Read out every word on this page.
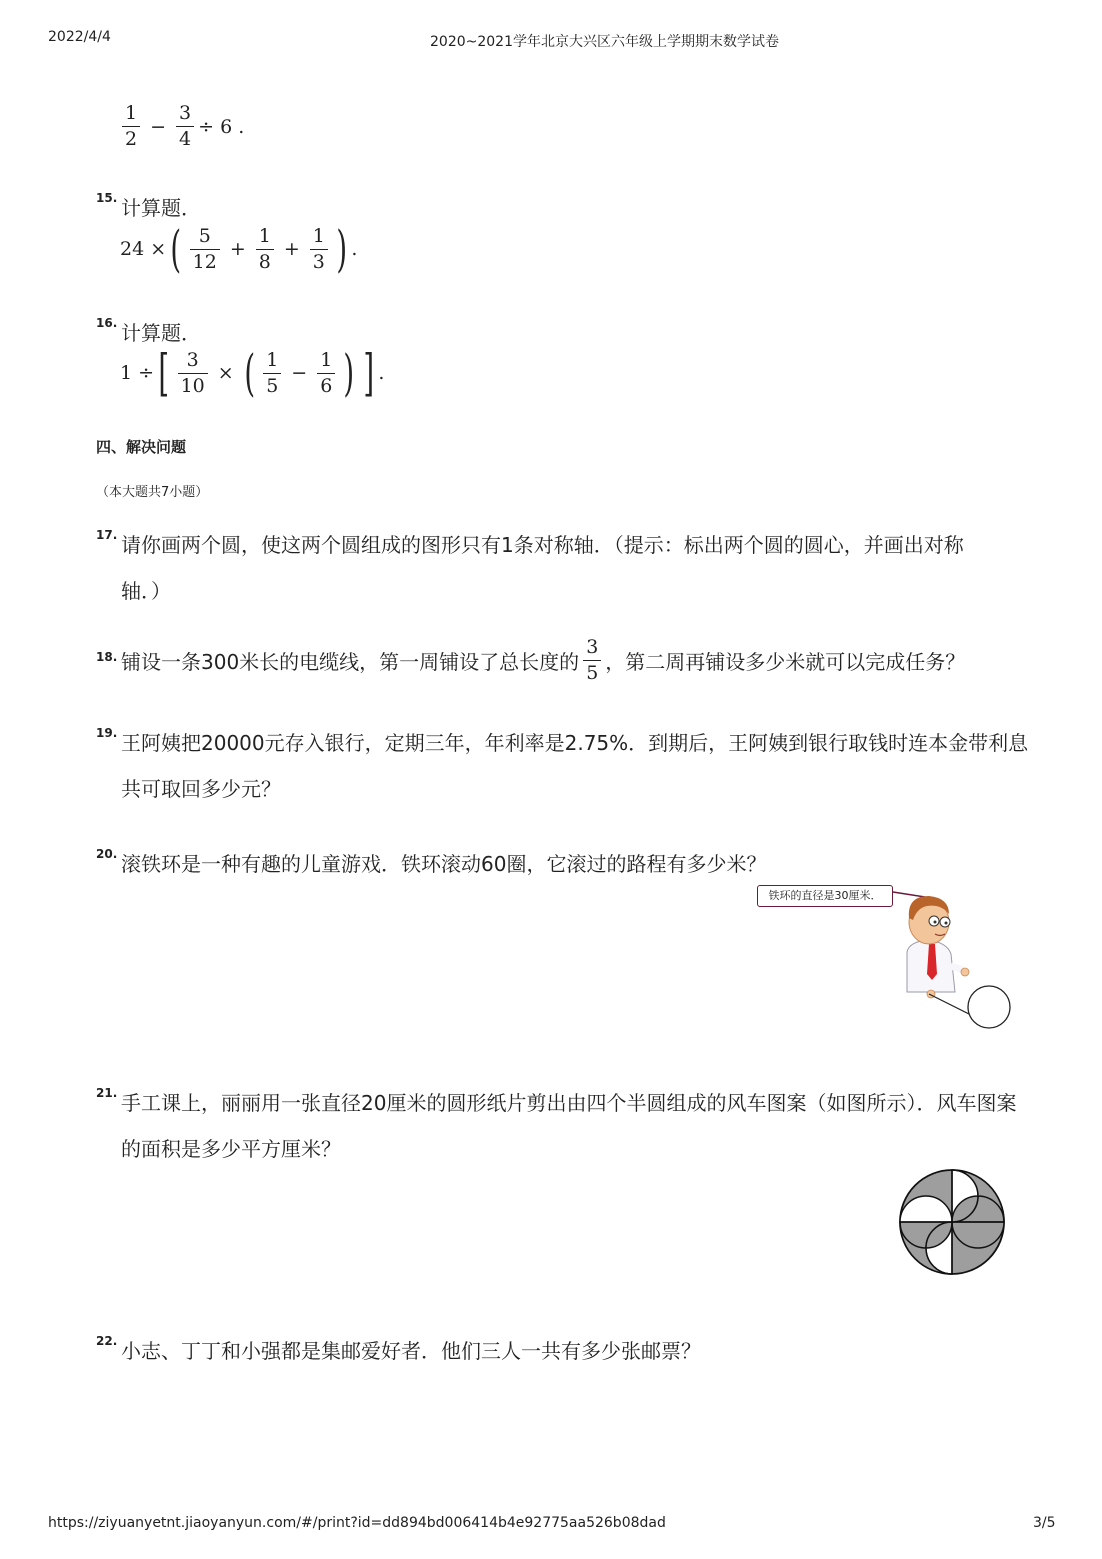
2022/4/4	2020~2021学年北京大兴区六年级上学期期末数学试卷
$\frac{1}{2} - \frac{3}{4} \div 6$ .
15. 计算题．
24 × ( $\frac{5}{12} + \frac{1}{8} + \frac{1}{3}$ ) .
16. 计算题．
1 ÷ [ $\frac{3}{10}$ × ( $\frac{1}{5} - \frac{1}{6}$ ) ] .
四、解决问题
（本大题共7小题）
17. 请你画两个圆，使这两个圆组成的图形只有1条对称轴．（提示：标出两个圆的圆心，并画出对称
轴．）
18. 铺设一条300米长的电缆线，第一周铺设了总长度的 $\frac{3}{5}$ ，第二周再铺设多少米就可以完成任务？
19. 王阿姨把20000元存入银行，定期三年，年利率是2.75%．到期后，王阿姨到银行取钱时连本金带利息
共可取回多少元？
20. 滚铁环是一种有趣的儿童游戏．铁环滚动60圈，它滚过的路程有多少米？
铁环的直径是30厘米．
21. 手工课上，丽丽用一张直径20厘米的圆形纸片剪出由四个半圆组成的风车图案（如图所示）．风车图案
的面积是多少平方厘米？
22. 小志、丁丁和小强都是集邮爱好者．他们三人一共有多少张邮票？
https://ziyuanyetnt.jiaoyanyun.com/#/print?id=dd894bd006414b4e92775aa526b08dad	3/5
